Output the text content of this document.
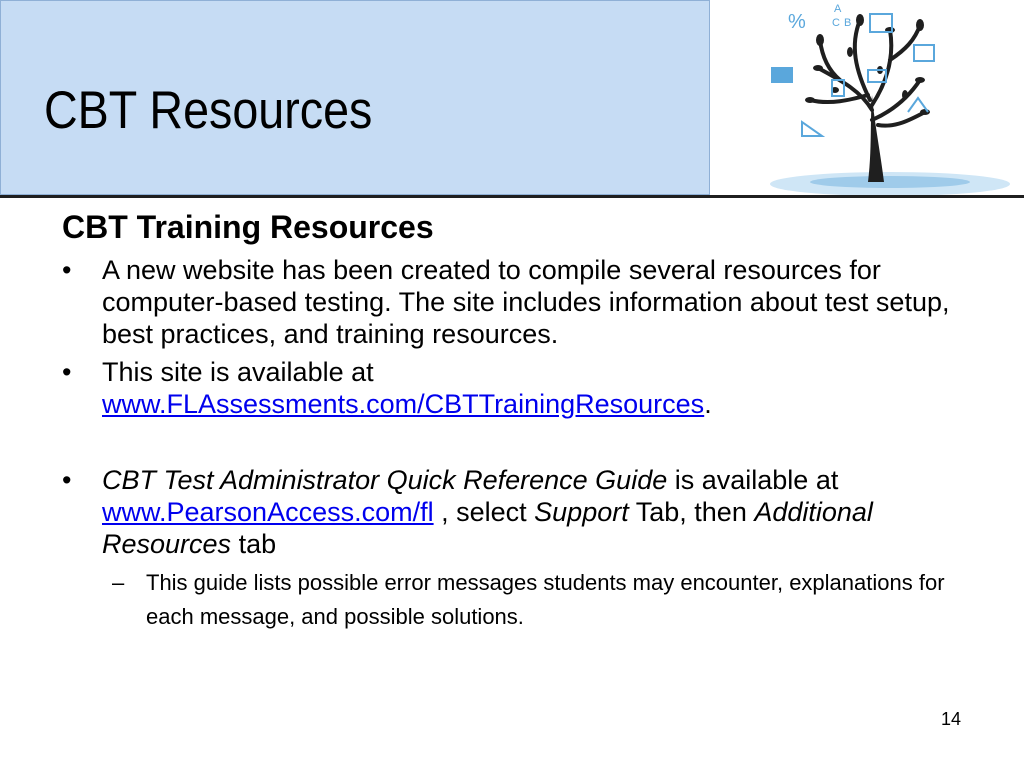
CBT Resources
%
A
C B
CBT Training Resources
• A new website has been created to compile several resources for computer-based testing. The site includes information about test setup, best practices, and training resources.
• This site is available at
www.FLAssessments.com/CBTTrainingResources.
• CBT Test Administrator Quick Reference Guide is available at www.PearsonAccess.com/fl , select Support Tab, then Additional Resources tab
– This guide lists possible error messages students may encounter, explanations for each message, and possible solutions.
14
